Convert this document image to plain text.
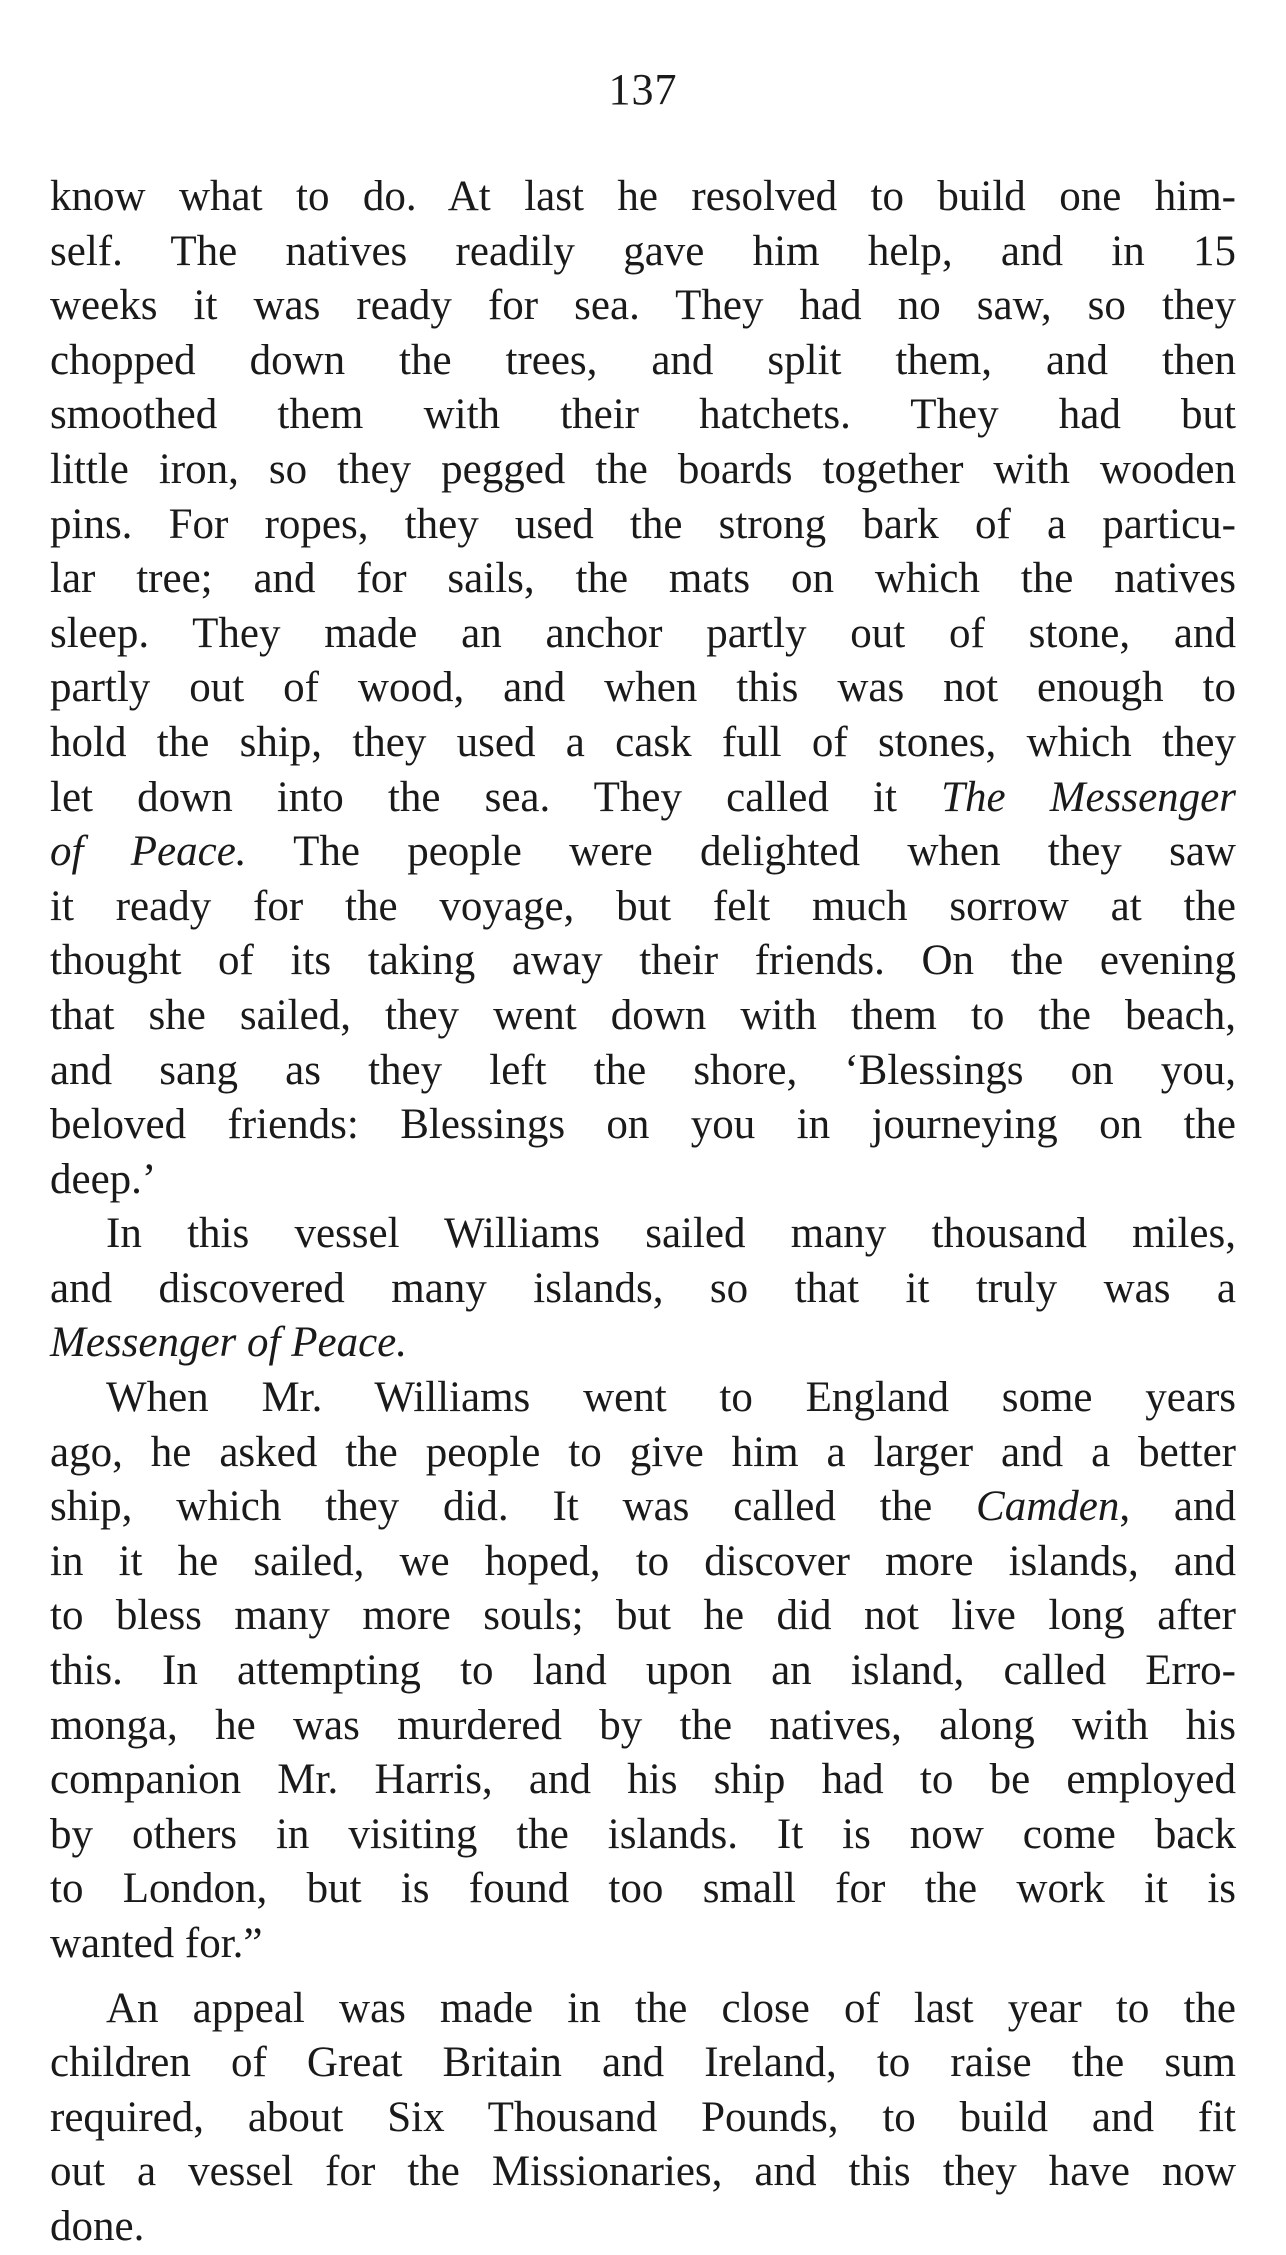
137
know what to do. At last he resolved to build one him-
self. The natives readily gave him help, and in 15
weeks it was ready for sea. They had no saw, so they
chopped down the trees, and split them, and then
smoothed them with their hatchets. They had but
little iron, so they pegged the boards together with wooden
pins. For ropes, they used the strong bark of a particu-
lar tree; and for sails, the mats on which the natives
sleep. They made an anchor partly out of stone, and
partly out of wood, and when this was not enough to
hold the ship, they used a cask full of stones, which they
let down into the sea. They called it The Messenger
of Peace. The people were delighted when they saw
it ready for the voyage, but felt much sorrow at the
thought of its taking away their friends. On the evening
that she sailed, they went down with them to the beach,
and sang as they left the shore, ‘Blessings on you,
beloved friends: Blessings on you in journeying on the
deep.’
In this vessel Williams sailed many thousand miles,
and discovered many islands, so that it truly was a
Messenger of Peace.
When Mr. Williams went to England some years
ago, he asked the people to give him a larger and a better
ship, which they did. It was called the Camden, and
in it he sailed, we hoped, to discover more islands, and
to bless many more souls; but he did not live long after
this. In attempting to land upon an island, called Erro-
monga, he was murdered by the natives, along with his
companion Mr. Harris, and his ship had to be employed
by others in visiting the islands. It is now come back
to London, but is found too small for the work it is
wanted for.”
An appeal was made in the close of last year to the
children of Great Britain and Ireland, to raise the sum
required, about Six Thousand Pounds, to build and fit
out a vessel for the Missionaries, and this they have now
done.
